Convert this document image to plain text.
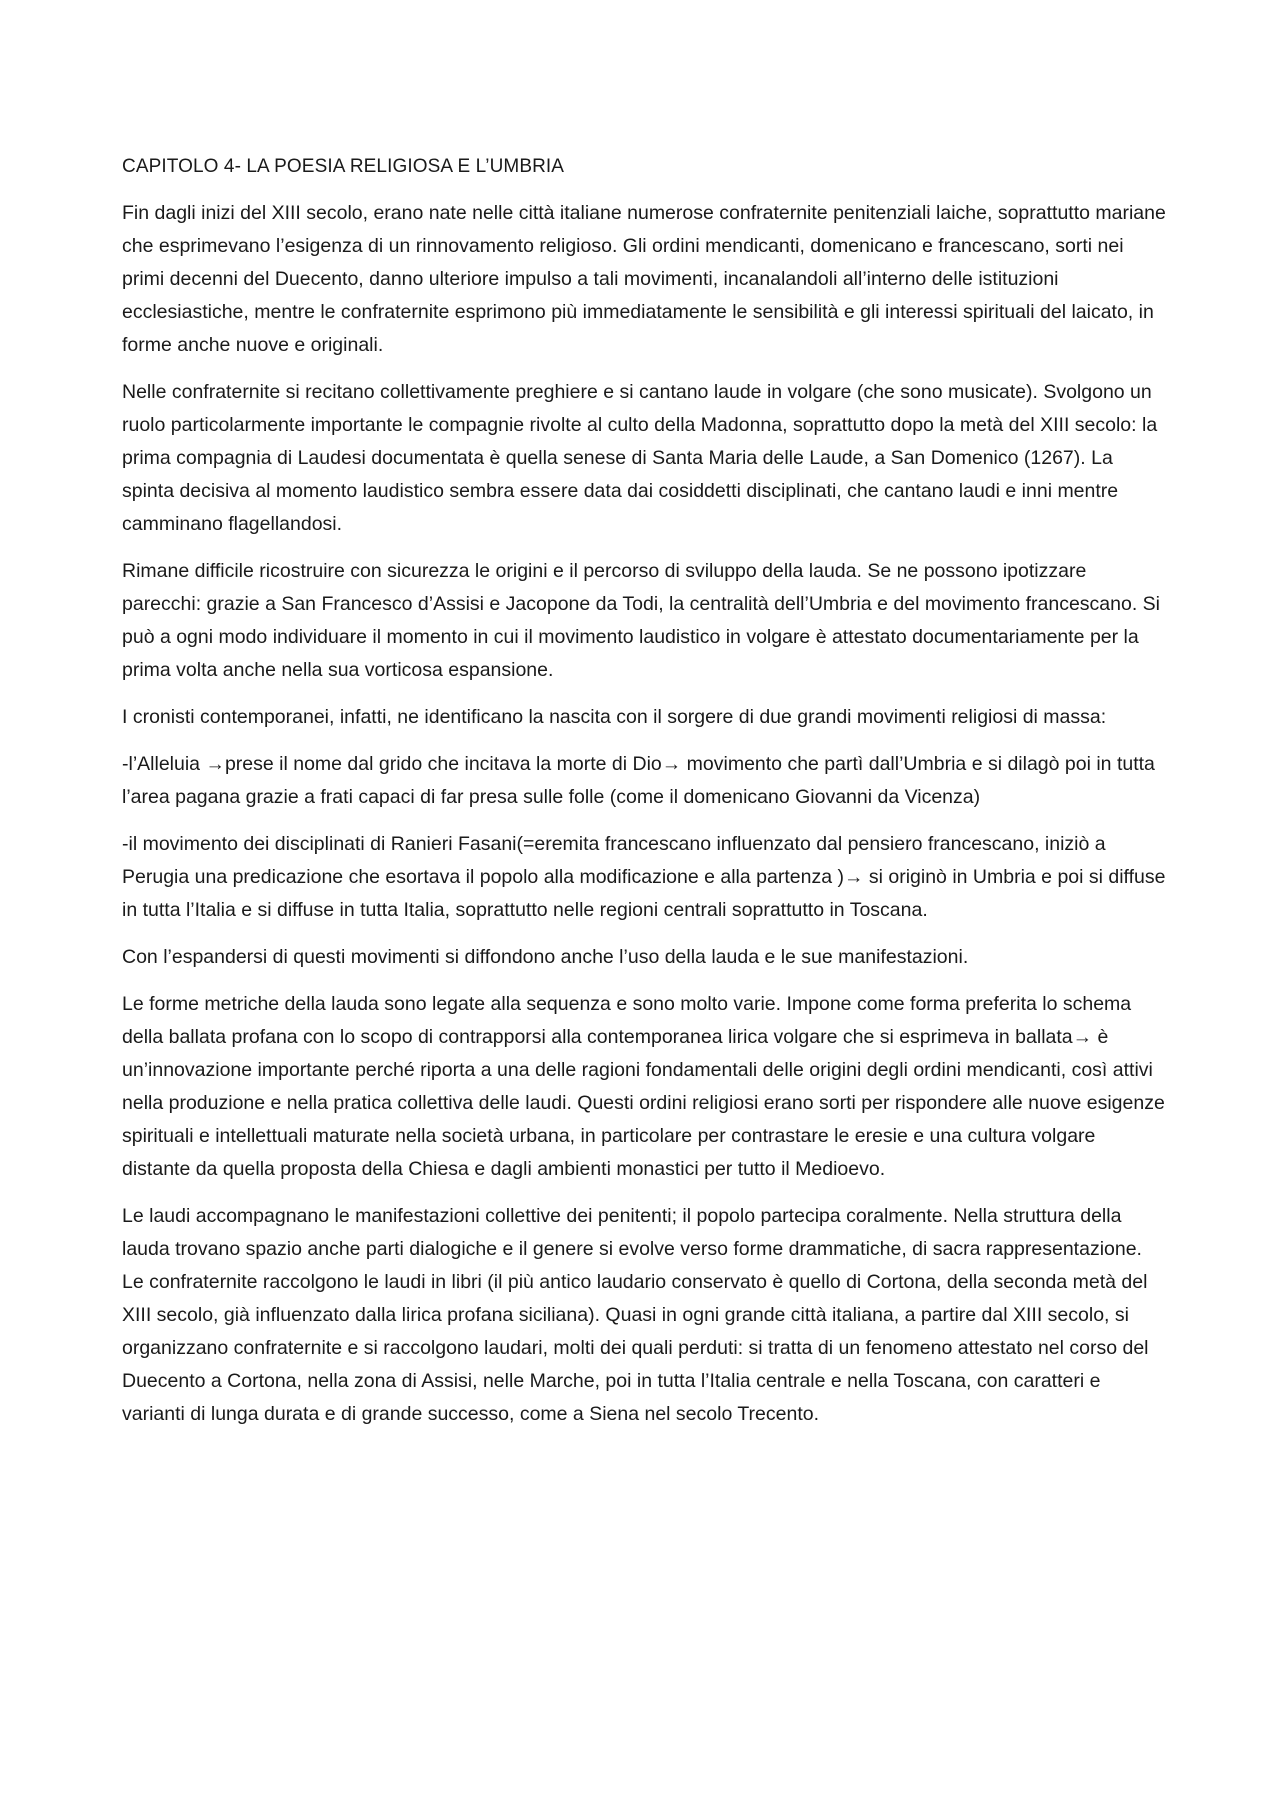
CAPITOLO 4- LA POESIA RELIGIOSA E L’UMBRIA

Fin dagli inizi del XIII secolo, erano nate nelle città italiane numerose confraternite penitenziali laiche, soprattutto mariane che esprimevano l’esigenza di un rinnovamento religioso. Gli ordini mendicanti, domenicano e francescano, sorti nei primi decenni del Duecento, danno ulteriore impulso a tali movimenti, incanalandoli all’interno delle istituzioni ecclesiastiche, mentre le confraternite esprimono più immediatamente le sensibilità e gli interessi spirituali del laicato, in forme anche nuove e originali.

Nelle confraternite si recitano collettivamente preghiere e si cantano laude in volgare (che sono musicate). Svolgono un ruolo particolarmente importante le compagnie rivolte al culto della Madonna, soprattutto dopo la metà del XIII secolo: la prima compagnia di Laudesi documentata è quella senese di Santa Maria delle Laude, a San Domenico (1267). La spinta decisiva al momento laudistico sembra essere data dai cosiddetti disciplinati, che cantano laudi e inni mentre camminano flagellandosi.

Rimane difficile ricostruire con sicurezza le origini e il percorso di sviluppo della lauda. Se ne possono ipotizzare parecchi: grazie a San Francesco d’Assisi e Jacopone da Todi, la centralità dell’Umbria e del movimento francescano. Si può a ogni modo individuare il momento in cui il movimento laudistico in volgare è attestato documentariamente per la prima volta anche nella sua vorticosa espansione.

I cronisti contemporanei, infatti, ne identificano la nascita con il sorgere di due grandi movimenti religiosi di massa:

-l’Alleluia →prese il nome dal grido che incitava la morte di Dio→ movimento che partì dall’Umbria e si dilagò poi in tutta l’area pagana grazie a frati capaci di far presa sulle folle (come il domenicano Giovanni da Vicenza)

-il movimento dei disciplinati di Ranieri Fasani(=eremita francescano influenzato dal pensiero francescano, iniziò a Perugia una predicazione che esortava il popolo alla modificazione e alla partenza )→ si originò in Umbria e poi si diffuse in tutta l’Italia e si diffuse in tutta Italia, soprattutto nelle regioni centrali soprattutto in Toscana.

Con l’espandersi di questi movimenti si diffondono anche l’uso della lauda e le sue manifestazioni.

Le forme metriche della lauda sono legate alla sequenza e sono molto varie. Impone come forma preferita lo schema della ballata profana con lo scopo di contrapporsi alla contemporanea lirica volgare che si esprimeva in ballata→ è un’innovazione importante perché riporta a una delle ragioni fondamentali delle origini degli ordini mendicanti, così attivi nella produzione e nella pratica collettiva delle laudi. Questi ordini religiosi erano sorti per rispondere alle nuove esigenze spirituali e intellettuali maturate nella società urbana, in particolare per contrastare le eresie e una cultura volgare distante da quella proposta della Chiesa e dagli ambienti monastici per tutto il Medioevo.

Le laudi accompagnano le manifestazioni collettive dei penitenti; il popolo partecipa coralmente. Nella struttura della lauda trovano spazio anche parti dialogiche e il genere si evolve verso forme drammatiche, di sacra rappresentazione. Le confraternite raccolgono le laudi in libri (il più antico laudario conservato è quello di Cortona, della seconda metà del XIII secolo, già influenzato dalla lirica profana siciliana). Quasi in ogni grande città italiana, a partire dal XIII secolo, si organizzano confraternite e si raccolgono laudari, molti dei quali perduti: si tratta di un fenomeno attestato nel corso del Duecento a Cortona, nella zona di Assisi, nelle Marche, poi in tutta l’Italia centrale e nella Toscana, con caratteri e varianti di lunga durata e di grande successo, come a Siena nel secolo Trecento.
